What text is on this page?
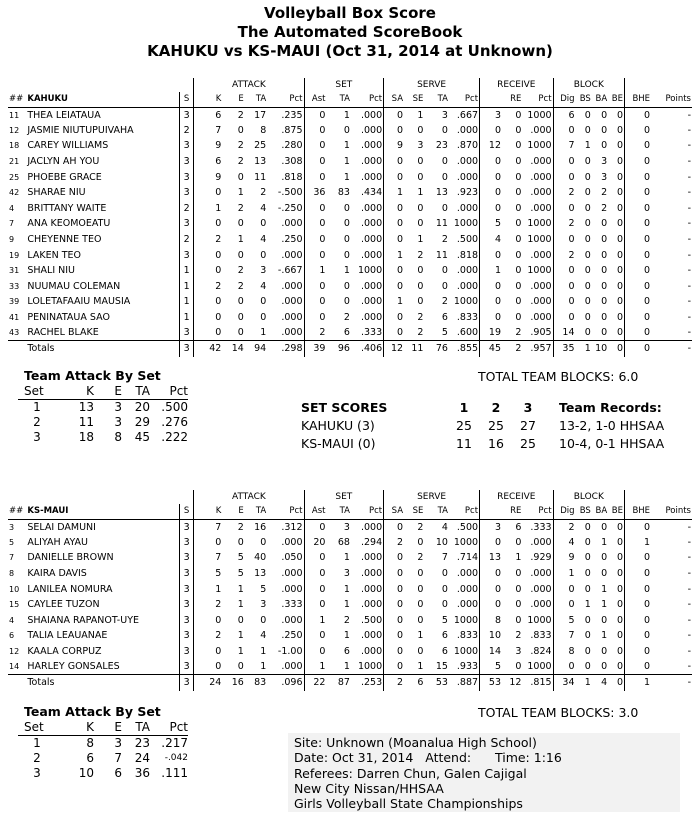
Volleyball Box Score
The Automated ScoreBook
KAHUKU vs KS-MAUI (Oct 31, 2014 at Unknown)
			ATTACK				SET			SERVE				RECEIVE			BLOCK					
##	KAHUKU	S	K	E	TA	Pct	Ast	TA	Pct	SA	SE	TA	Pct		RE	Pct	Dig	BS	BA	BE	BHE	Points
11	THEA LEIATAUA	3	6	2	17	.235	0	1	.000	0	1	3	.667	3	0	1000	6	0	0	0	0	-
12	JASMIE NIUTUPUIVAHA	2	7	0	8	.875	0	0	.000	0	0	0	.000	0	0	.000	0	0	0	0	0	-
18	CAREY WILLIAMS	3	9	2	25	.280	0	1	.000	9	3	23	.870	12	0	1000	7	1	0	0	0	-
21	JACLYN AH YOU	3	6	2	13	.308	0	1	.000	0	0	0	.000	0	0	.000	0	0	3	0	0	-
25	PHOEBE GRACE	3	9	0	11	.818	0	1	.000	0	0	0	.000	0	0	.000	0	0	3	0	0	-
42	SHARAE NIU	3	0	1	2	-.500	36	83	.434	1	1	13	.923	0	0	.000	2	0	2	0	0	-
4	BRITTANY WAITE	2	1	2	4	-.250	0	0	.000	0	0	0	.000	0	0	.000	0	0	2	0	0	-
7	ANA KEOMOEATU	3	0	0	0	.000	0	0	.000	0	0	11	1000	5	0	1000	2	0	0	0	0	-
9	CHEYENNE TEO	2	2	1	4	.250	0	0	.000	0	1	2	.500	4	0	1000	0	0	0	0	0	-
19	LAKEN TEO	3	0	0	0	.000	0	0	.000	1	2	11	.818	0	0	.000	2	0	0	0	0	-
31	SHALI NIU	1	0	2	3	-.667	1	1	1000	0	0	0	.000	1	0	1000	0	0	0	0	0	-
33	NUUMAU COLEMAN	1	2	2	4	.000	0	0	.000	0	0	0	.000	0	0	.000	0	0	0	0	0	-
39	LOLETAFAAIU MAUSIA	1	0	0	0	.000	0	0	.000	1	0	2	1000	0	0	.000	0	0	0	0	0	-
41	PENINATAUA SAO	1	0	0	0	.000	0	2	.000	0	2	6	.833	0	0	.000	0	0	0	0	0	-
43	RACHEL BLAKE	3	0	0	1	.000	2	6	.333	0	2	5	.600	19	2	.905	14	0	0	0	0	-
	Totals	3	42	14	94	.298	39	96	.406	12	11	76	.855	45	2	.957	35	1	10	0	0	-
Team Attack By Set
Set	K	E	TA	Pct
1	13	3	20	.500
2	11	3	29	.276
3	18	8	45	.222
TOTAL TEAM BLOCKS: 6.0
SET SCORES	1	2	3	Team Records:
KAHUKU (3)	25	25	27	13-2, 1-0 HHSAA
KS-MAUI (0)	11	16	25	10-4, 0-1 HHSAA
			ATTACK				SET			SERVE				RECEIVE			BLOCK					
##	KS-MAUI	S	K	E	TA	Pct	Ast	TA	Pct	SA	SE	TA	Pct		RE	Pct	Dig	BS	BA	BE	BHE	Points
3	SELAI DAMUNI	3	7	2	16	.312	0	3	.000	0	2	4	.500	3	6	.333	2	0	0	0	0	-
5	ALIYAH AYAU	3	0	0	0	.000	20	68	.294	2	0	10	1000	0	0	.000	4	0	1	0	1	-
7	DANIELLE BROWN	3	7	5	40	.050	0	1	.000	0	2	7	.714	13	1	.929	9	0	0	0	0	-
8	KAIRA DAVIS	3	5	5	13	.000	0	3	.000	0	0	0	.000	0	0	.000	1	0	0	0	0	-
10	LANILEA NOMURA	3	1	1	5	.000	0	1	.000	0	0	0	.000	0	0	.000	0	0	1	0	0	-
15	CAYLEE TUZON	3	2	1	3	.333	0	1	.000	0	0	0	.000	0	0	.000	0	1	1	0	0	-
4	SHAIANA RAPANOT-UYE	3	0	0	0	.000	1	2	.500	0	0	5	1000	8	0	1000	5	0	0	0	0	-
6	TALIA LEAUANAE	3	2	1	4	.250	0	1	.000	0	1	6	.833	10	2	.833	7	0	1	0	0	-
12	KAALA CORPUZ	3	0	1	1	-1.00	0	6	.000	0	0	6	1000	14	3	.824	8	0	0	0	0	-
14	HARLEY GONSALES	3	0	0	1	.000	1	1	1000	0	1	15	.933	5	0	1000	0	0	0	0	0	-
	Totals	3	24	16	83	.096	22	87	.253	2	6	53	.887	53	12	.815	34	1	4	0	1	-
Team Attack By Set
Set	K	E	TA	Pct
1	8	3	23	.217
2	6	7	24	-.042
3	10	6	36	.111
TOTAL TEAM BLOCKS: 3.0
Site: Unknown (Moanalua High School)
Date: Oct 31, 2014   Attend:      Time: 1:16
Referees: Darren Chun, Galen Cajigal
New City Nissan/HHSAA
Girls Volleyball State Championships
